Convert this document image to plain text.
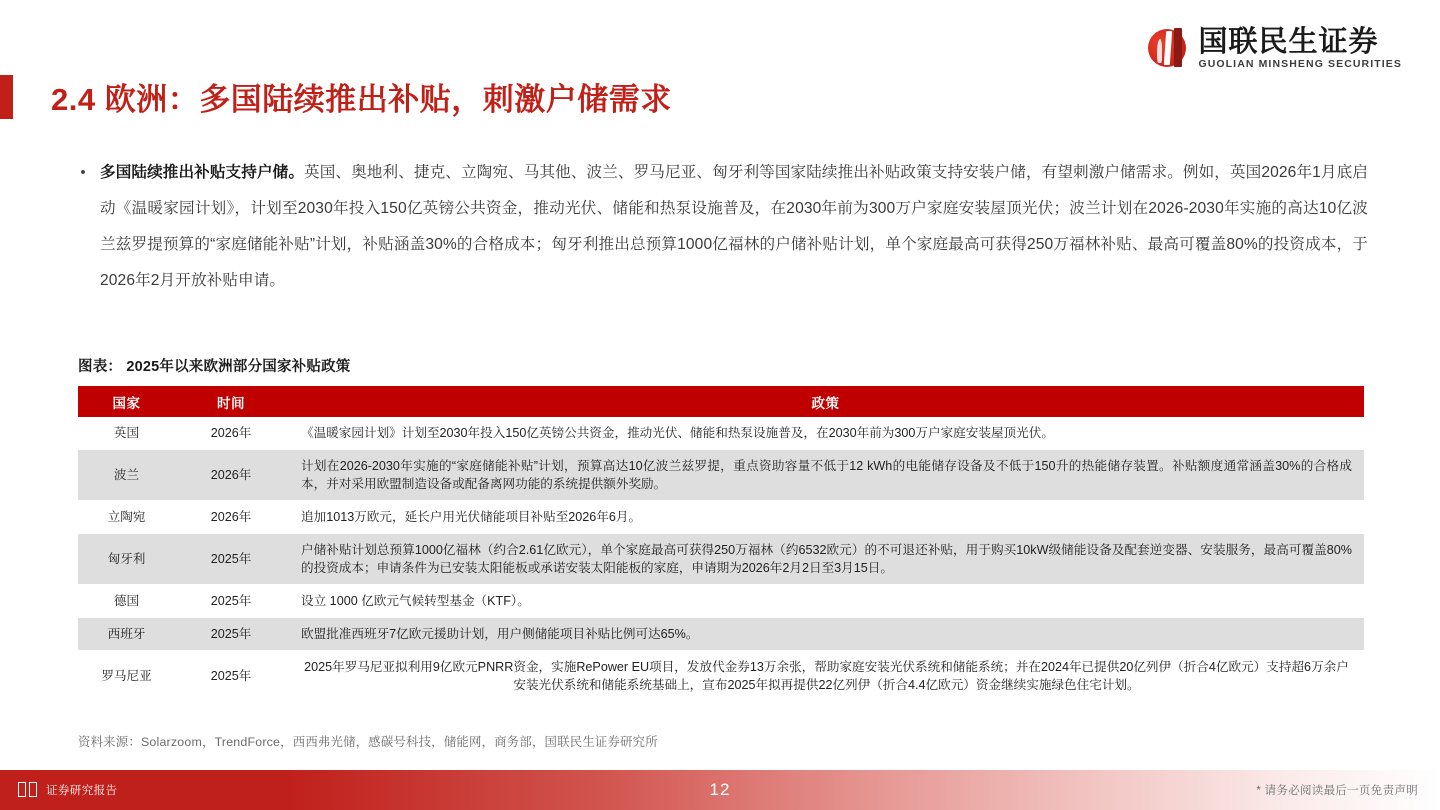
国联民生证券
GUOLIAN MINSHENG SECURITIES
2.4 欧洲：多国陆续推出补贴，刺激户储需求
• 多国陆续推出补贴支持户储。英国、奥地利、捷克、立陶宛、马其他、波兰、罗马尼亚、匈牙利等国家陆续推出补贴政策支持安装户储，有望刺激户储需求。例如，英国2026年1月底启动《温暖家园计划》，计划至2030年投入150亿英镑公共资金，推动光伏、储能和热泵设施普及，在2030年前为300万户家庭安装屋顶光伏；波兰计划在2026-2030年实施的高达10亿波兰兹罗提预算的“家庭储能补贴”计划，补贴涵盖30%的合格成本；匈牙利推出总预算1000亿福林的户储补贴计划，单个家庭最高可获得250万福林补贴、最高可覆盖80%的投资成本，于2026年2月开放补贴申请。
图表： 2025年以来欧洲部分国家补贴政策
国家	时间	政策
英国	2026年	《温暖家园计划》计划至2030年投入150亿英镑公共资金，推动光伏、储能和热泵设施普及，在2030年前为300万户家庭安装屋顶光伏。
波兰	2026年	计划在2026-2030年实施的“家庭储能补贴”计划，预算高达10亿波兰兹罗提，重点资助容量不低于12 kWh的电能储存设备及不低于150升的热能储存装置。补贴额度通常涵盖30%的合格成本，并对采用欧盟制造设备或配备离网功能的系统提供额外奖励。
立陶宛	2026年	追加1013万欧元，延长户用光伏储能项目补贴至2026年6月。
匈牙利	2025年	户储补贴计划总预算1000亿福林（约合2.61亿欧元），单个家庭最高可获得250万福林（约6532欧元）的不可退还补贴，用于购买10kW级储能设备及配套逆变器、安装服务，最高可覆盖80%的投资成本；申请条件为已安装太阳能板或承诺安装太阳能板的家庭，申请期为2026年2月2日至3月15日。
德国	2025年	设立 1000 亿欧元气候转型基金（KTF）。
西班牙	2025年	欧盟批准西班牙7亿欧元援助计划，用户侧储能项目补贴比例可达65%。
罗马尼亚	2025年	2025年罗马尼亚拟利用9亿欧元PNRR资金，实施RePower EU项目，发放代金券13万余张，帮助家庭安装光伏系统和储能系统；并在2024年已提供20亿列伊（折合4亿欧元）支持超6万余户安装光伏系统和储能系统基础上，宣布2025年拟再提供22亿列伊（折合4.4亿欧元）资金继续实施绿色住宅计划。
资料来源：Solarzoom，TrendForce，西西弗光储，感碳号科技，储能网，商务部，国联民生证券研究所
证券研究报告	12	* 请务必阅读最后一页免责声明
